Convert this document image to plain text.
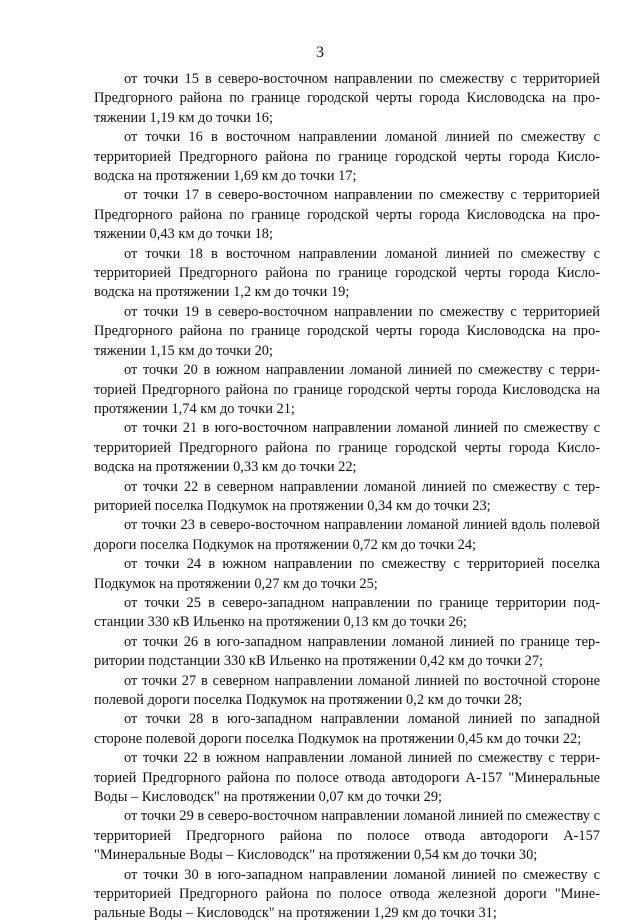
3

от точки 15 в северо-восточном направлении по смежеству с территорией Предгорного района по границе городской черты города Кисловодска на протяжении 1,19 км до точки 16;

от точки 16 в восточном направлении ломаной линией по смежеству с территорией Предгорного района по границе городской черты города Кисловодска на протяжении 1,69 км до точки 17;

от точки 17 в северо-восточном направлении по смежеству с территорией Предгорного района по границе городской черты города Кисловодска на протяжении 0,43 км до точки 18;

от точки 18 в восточном направлении ломаной линией по смежеству с территорией Предгорного района по границе городской черты города Кисловодска на протяжении 1,2 км до точки 19;

от точки 19 в северо-восточном направлении по смежеству с территорией Предгорного района по границе городской черты города Кисловодска на протяжении 1,15 км до точки 20;

от точки 20 в южном направлении ломаной линией по смежеству с территорией Предгорного района по границе городской черты города Кисловодска на протяжении 1,74 км до точки 21;

от точки 21 в юго-восточном направлении ломаной линией по смежеству с территорией Предгорного района по границе городской черты города Кисловодска на протяжении 0,33 км до точки 22;

от точки 22 в северном направлении ломаной линией по смежеству с территорией поселка Подкумок на протяжении 0,34 км до точки 23;

от точки 23 в северо-восточном направлении ломаной линией вдоль полевой дороги поселка Подкумок на протяжении 0,72 км до точки 24;

от точки 24 в южном направлении по смежеству с территорией поселка Подкумок на протяжении 0,27 км до точки 25;

от точки 25 в северо-западном направлении по границе территории подстанции 330 кВ Ильенко на протяжении 0,13 км до точки 26;

от точки 26 в юго-западном направлении ломаной линией по границе территории подстанции 330 кВ Ильенко на протяжении 0,42 км до точки 27;

от точки 27 в северном направлении ломаной линией по восточной стороне полевой дороги поселка Подкумок на протяжении 0,2 км до точки 28;

от точки 28 в юго-западном направлении ломаной линией по западной стороне полевой дороги поселка Подкумок на протяжении 0,45 км до точки 22;

от точки 22 в южном направлении ломаной линией по смежеству с территорией Предгорного района по полосе отвода автодороги А-157 "Минеральные Воды – Кисловодск" на протяжении 0,07 км до точки 29;

от точки 29 в северо-восточном направлении ломаной линией по смежеству с территорией Предгорного района по полосе отвода автодороги А-157 "Минеральные Воды – Кисловодск" на протяжении 0,54 км до точки 30;

от точки 30 в юго-западном направлении ломаной линией по смежеству с территорией Предгорного района по полосе отвода железной дороги "Минеральные Воды – Кисловодск" на протяжении 1,29 км до точки 31;
